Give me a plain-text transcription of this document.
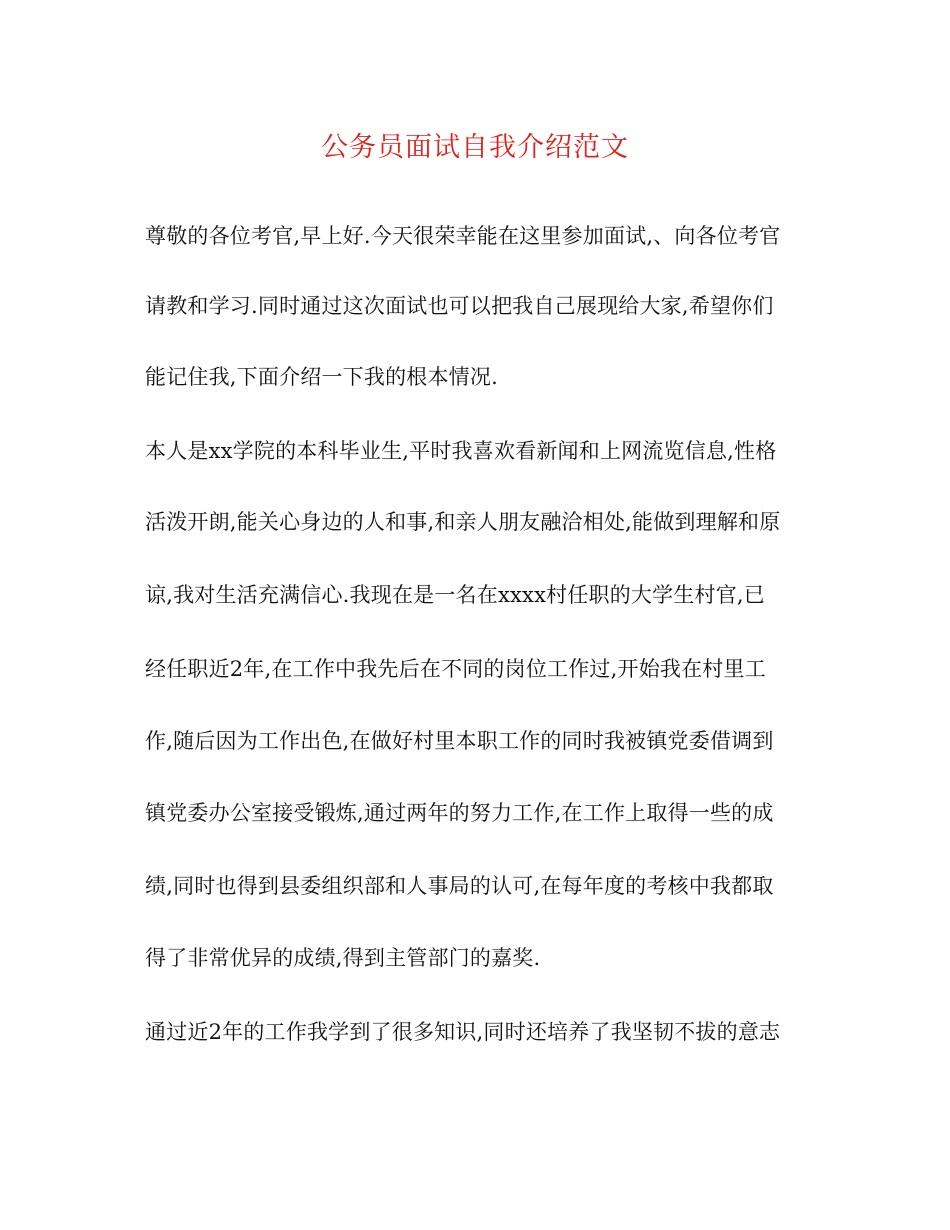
公务员面试自我介绍范文
尊敬的各位考官,早上好.今天很荣幸能在这里参加面试,、向各位考官
请教和学习.同时通过这次面试也可以把我自己展现给大家,希望你们
能记住我,下面介绍一下我的根本情况.
本人是xx学院的本科毕业生,平时我喜欢看新闻和上网流览信息,性格
活泼开朗,能关心身边的人和事,和亲人朋友融洽相处,能做到理解和原
谅,我对生活充满信心.我现在是一名在xxxx村任职的大学生村官,已
经任职近2年,在工作中我先后在不同的岗位工作过,开始我在村里工
作,随后因为工作出色,在做好村里本职工作的同时我被镇党委借调到
镇党委办公室接受锻炼,通过两年的努力工作,在工作上取得一些的成
绩,同时也得到县委组织部和人事局的认可,在每年度的考核中我都取
得了非常优异的成绩,得到主管部门的嘉奖.
通过近2年的工作我学到了很多知识,同时还培养了我坚韧不拔的意志
